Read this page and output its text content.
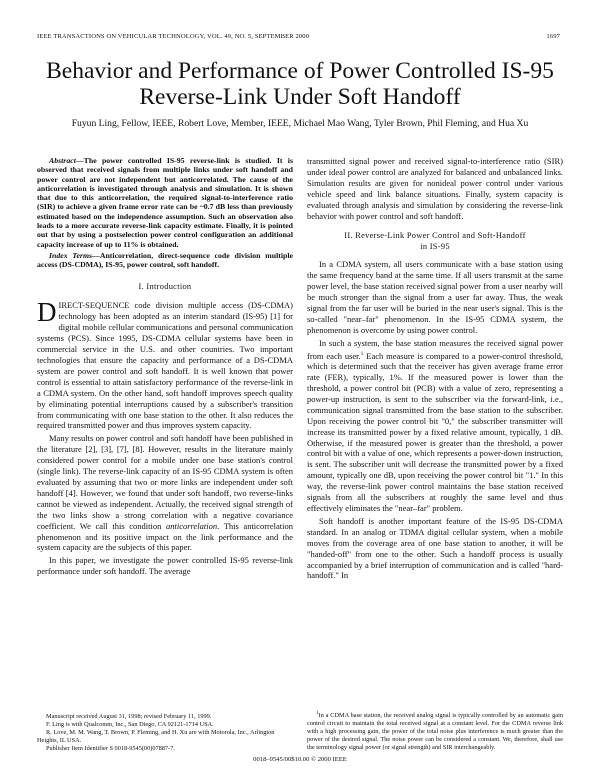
IEEE TRANSACTIONS ON VEHICULAR TECHNOLOGY, VOL. 49, NO. 5, SEPTEMBER 2000	1697
Behavior and Performance of Power Controlled IS-95 Reverse-Link Under Soft Handoff
Fuyun Ling, Fellow, IEEE, Robert Love, Member, IEEE, Michael Mao Wang, Tyler Brown, Phil Fleming, and Hua Xu
Abstract—The power controlled IS-95 reverse-link is studied. It is observed that received signals from multiple links under soft handoff and power control are not independent but anticorrelated. The cause of the anticorrelation is investigated through analysis and simulation. It is shown that due to this anticorrelation, the required signal-to-interference ratio (SIR) to achieve a given frame error rate can be ~0.7 dB less than previously estimated based on the independence assumption. Such an observation also leads to a more accurate reverse-link capacity estimate. Finally, it is pointed out that by using a postselection power control configuration an additional capacity increase of up to 11% is obtained.
Index Terms—Anticorrelation, direct-sequence code division multiple access (DS-CDMA), IS-95, power control, soft handoff.
I. Introduction

DIRECT-SEQUENCE code division multiple access (DS-CDMA) technology has been adopted as an interim standard (IS-95) [1] for digital mobile cellular communications and personal communication systems (PCS). Since 1995, DS-CDMA cellular systems have been in commercial service in the U.S. and other countries. Two important technologies that ensure the capacity and performance of a DS-CDMA system are power control and soft handoff. It is well known that power control is essential to attain satisfactory performance of the reverse-link in a CDMA system. On the other hand, soft handoff improves speech quality by eliminating potential interruptions caused by a subscriber's transition from communicating with one base station to the other. It also reduces the required transmitted power and thus improves system capacity.

Many results on power control and soft handoff have been published in the literature [2], [3], [7], [8]. However, results in the literature mainly considered power control for a mobile under one base station's control (single link). The reverse-link capacity of an IS-95 CDMA system is often evaluated by assuming that two or more links are independent under soft handoff [4]. However, we found that under soft handoff, two reverse-links cannot be viewed as independent. Actually, the received signal strength of the two links show a strong correlation with a negative covariance coefficient. We call this condition anticorrelation. This anticorrelation phenomenon and its positive impact on the link performance and the system capacity are the subjects of this paper.

In this paper, we investigate the power controlled IS-95 reverse-link performance under soft handoff. The average

transmitted signal power and received signal-to-interference ratio (SIR) under ideal power control are analyzed for balanced and unbalanced links. Simulation results are given for nonideal power control under various vehicle speed and link balance situations. Finally, system capacity is evaluated through analysis and simulation by considering the reverse-link behavior with power control and soft handoff.

II. Reverse-Link Power Control and Soft-Handoff
in IS-95

In a CDMA system, all users communicate with a base station using the same frequency band at the same time. If all users transmit at the same power level, the base station received signal power from a user nearby will be much stronger than the signal from a user far away. Thus, the weak signal from the far user will be buried in the near user's signal. This is the so-called "near–far" phenomenon. In the IS-95 CDMA system, the phenomenon is overcome by using power control.

In such a system, the base station measures the received signal power from each user.$^1$ Each measure is compared to a power-control threshold, which is determined such that the receiver has given average frame error rate (FER), typically, 1%. If the measured power is lower than the threshold, a power control bit (PCB) with a value of zero, representing a power-up instruction, is sent to the subscriber via the forward-link, i.e., communication signal transmitted from the base station to the subscriber. Upon receiving the power control bit "0," the subscriber transmitter will increase its transmitted power by a fixed relative amount, typically, 1 dB. Otherwise, if the measured power is greater than the threshold, a power control bit with a value of one, which represents a power-down instruction, is sent. The subscriber unit will decrease the transmitted power by a fixed amount, typically one dB, upon receiving the power control bit "1." In this way, the reverse-link power control maintains the base station received signals from all the subscribers at roughly the same level and thus effectively eliminates the "near–far" problem.

Soft handoff is another important feature of the IS-95 DS-CDMA standard. In an analog or TDMA digital cellular system, when a mobile moves from the coverage area of one base station to another, it will be "handed-off" from one to the other. Such a handoff process is usually accompanied by a brief interruption of communication and is called "hard-handoff." In

Manuscript received August 31, 1998; revised February 11, 1999.
F. Ling is with Qualcomm, Inc., San Diego, CA 92121-1714 USA.
R. Love, M. M. Wang, T. Brown, P. Fleming, and H. Xu are with Motorola, Inc., Arlington Heights, IL USA.
Publisher Item Identifier S 0018-9545(00)07887-7.
$^1$In a CDMA base station, the received analog signal is typically controlled by an automatic gain control circuit to maintain the total received signal at a constant level. For the CDMA reverse link with a high processing gain, the power of the total noise plus interference is much greater than the power of the desired signal. The noise power can be considered a constant. We, therefore, shall use the terminology signal power (or signal strength) and SIR interchangeably.
0018–9545/00$10.00 © 2000 IEEE
